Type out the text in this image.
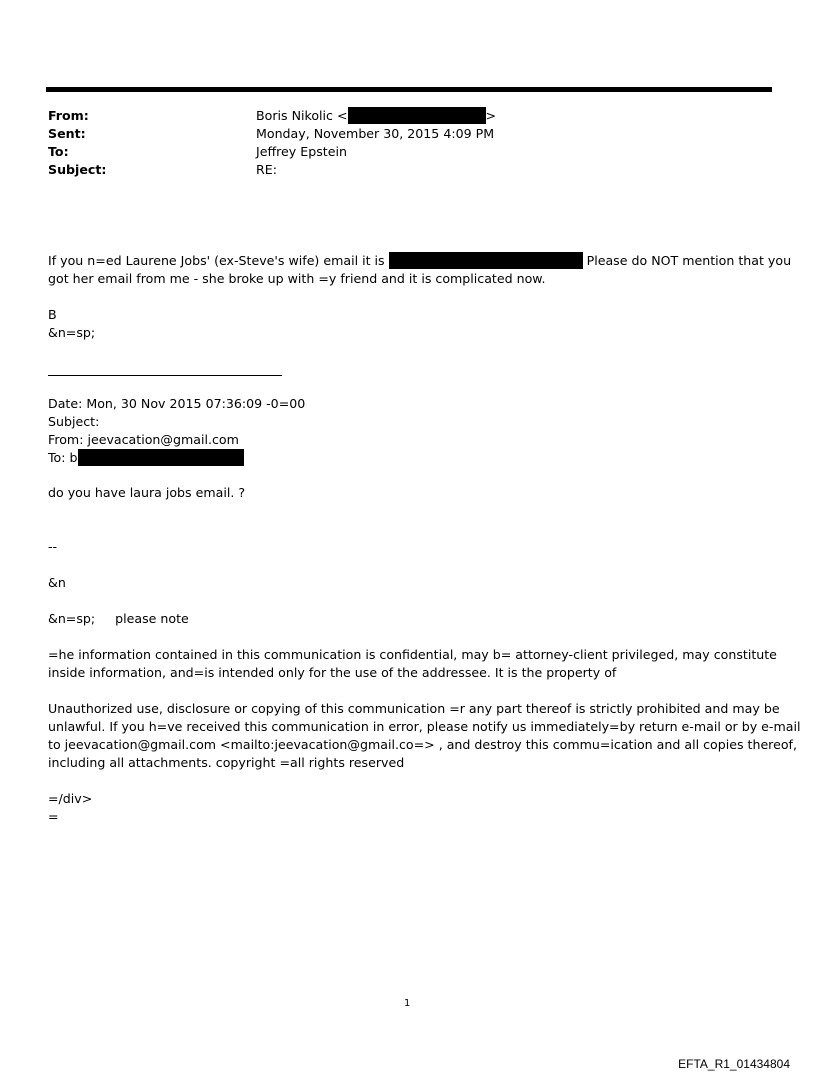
From:	Boris Nikolic <	>
Sent:	Monday, November 30, 2015 4:09 PM
To:	Jeffrey Epstein
Subject:	RE:
If you n=ed Laurene Jobs' (ex-Steve's wife) email it is	Please do NOT mention that you
got her email from me - she broke up with =y friend and it is complicated now.
B
&n=sp;
Date: Mon, 30 Nov 2015 07:36:09 -0=00
Subject:
From: jeevacation@gmail.com
To: b
do you have laura jobs email. ?
--
&n
&n=sp; please note
=he information contained in this communication is confidential, may b= attorney-client privileged, may constitute
inside information, and=is intended only for the use of the addressee. It is the property of
Unauthorized use, disclosure or copying of this communication =r any part thereof is strictly prohibited and may be
unlawful. If you h=ve received this communication in error, please notify us immediately=by return e-mail or by e-mail
to jeevacation@gmail.com <mailto:jeevacation@gmail.co=> , and destroy this commu=ication and all copies thereof,
including all attachments. copyright =all rights reserved
=/div>
=
1
EFTA_R1_01434804
